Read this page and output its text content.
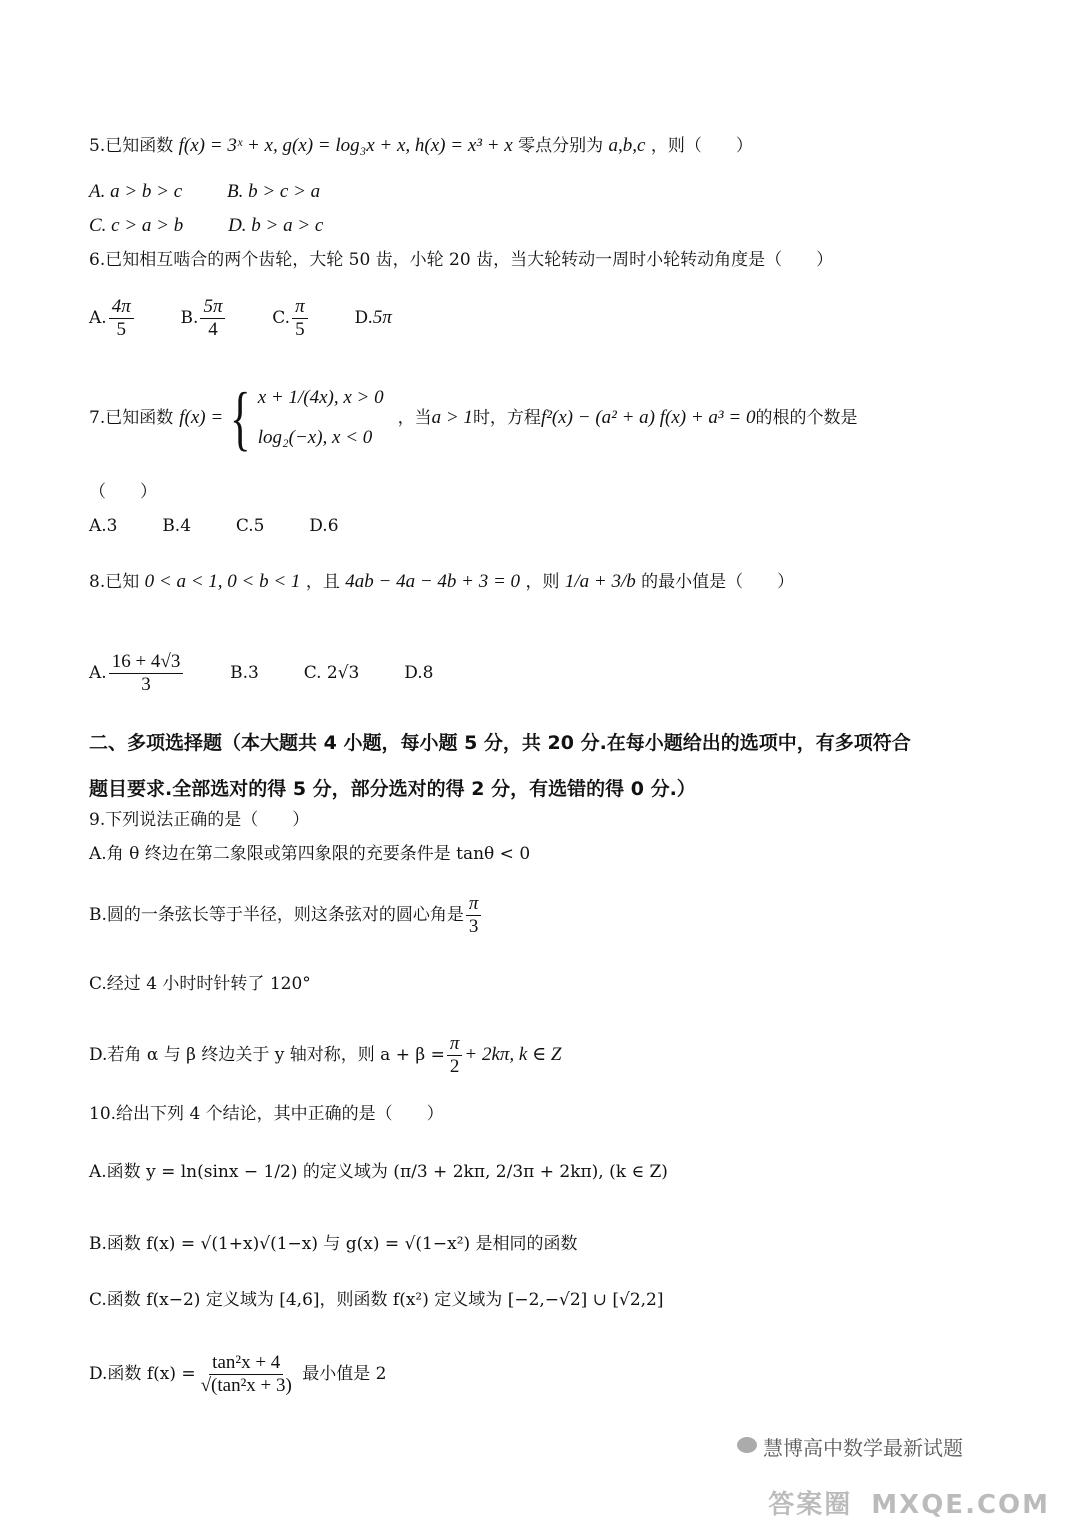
5.已知函数 f(x) = 3ˣ + x, g(x) = log₃x + x, h(x) = x³ + x 零点分别为 a,b,c ，则（　　）
A. a > b > c B. b > c > a
C. c > a > b D. b > a > c
6.已知相互啮合的两个齿轮，大轮 50 齿，小轮 20 齿，当大轮转动一周时小轮转动角度是（　　）
A. $\frac{4\pi}{5}$	B. $\frac{5\pi}{4}$	C. $\frac{\pi}{5}$	D.5π
7.已知函数 f(x) = { x + 1/(4x), x > 0
log₂(−x), x < 0
，当 a > 1 时，方程 f²(x) − (a² + a) f(x) + a³ = 0 的根的个数是
（　　）
A.3	B.4	C.5	D.6
8.已知 0 < a < 1, 0 < b < 1 ，且 4ab − 4a − 4b + 3 = 0 ，则 1/a + 3/b 的最小值是（　　）
A. $\frac{16 + 4√3}{3}$	B.3	C. 2√3	D.8
二、多项选择题（本大题共 4 小题，每小题 5 分，共 20 分.在每小题给出的选项中，有多项符合
题目要求.全部选对的得 5 分，部分选对的得 2 分，有选错的得 0 分.）
9.下列说法正确的是（　　）
A.角 θ 终边在第二象限或第四象限的充要条件是 tanθ < 0
B.圆的一条弦长等于半径，则这条弦对的圆心角是 $\frac{\pi}{3}$
C.经过 4 小时时针转了 120°
D.若角 α 与 β 终边关于 y 轴对称，则 $a + \beta = \frac{\pi}{2} + 2k\pi$, k ∈ Z
10.给出下列 4 个结论，其中正确的是（　　）
A.函数 y = ln(sinx − 1/2) 的定义域为 (π/3 + 2kπ, 2/3π + 2kπ), (k ∈ Z)
B.函数 f(x) = √(1+x)√(1−x) 与 g(x) = √(1−x²) 是相同的函数
C.函数 f(x−2) 定义域为 [4,6]，则函数 f(x²) 定义域为 [−2,−√2] ∪ [√2,2]
D.函数 $f(x) = \frac{\text{tan²x + 4}}{\text{√(tan²x + 3)}}$ 最小值是 2
慧博高中数学最新试题
答案圈 MXQE.COM
